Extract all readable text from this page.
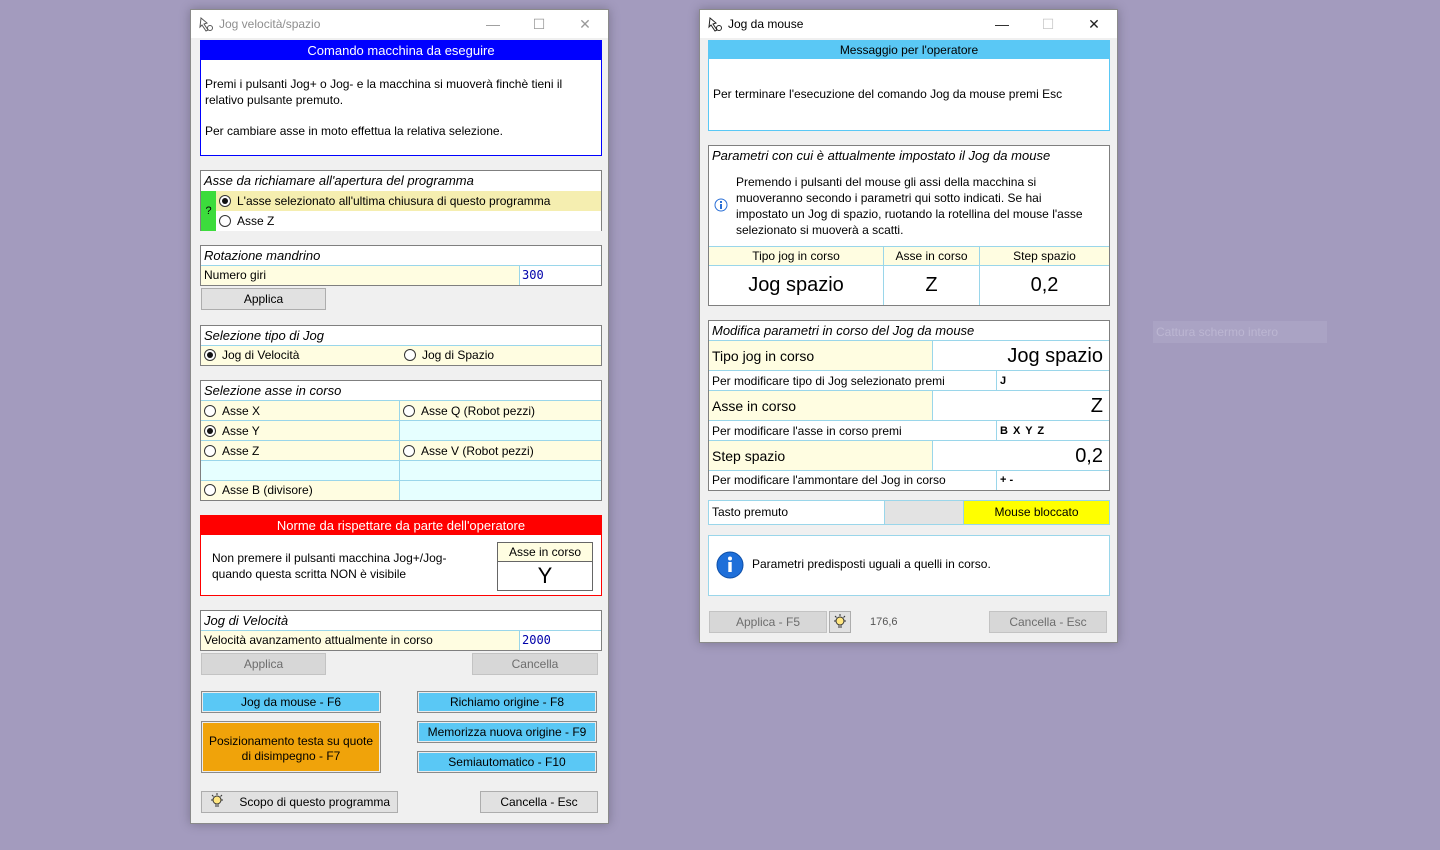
Cattura schermo intero
Jog velocità/spazio	—	☐	✕
Comando macchina da eseguire
Premi i pulsanti Jog+ o Jog- e la macchina si muoverà finchè tieni il relativo pulsante premuto.
Per cambiare asse in moto effettua la relativa selezione.
Asse da richiamare all'apertura del programma
?
L'asse selezionato all'ultima chiusura di questo programma
Asse Z
Rotazione mandrino
Numero giri	300
Applica
Selezione tipo di Jog
Jog di Velocità	Jog di Spazio
Selezione asse in corso
Asse X	Asse Q (Robot pezzi)
Asse Y
Asse Z	Asse V (Robot pezzi)
Asse B (divisore)
Norme da rispettare da parte dell'operatore
Non premere il pulsanti macchina Jog+/Jog- quando questa scritta NON è visibile
Asse in corso
Y
Jog di Velocità
Velocità avanzamento attualmente in corso	2000
Applica	Cancella
Jog da mouse - F6
Posizionamento testa su quote di disimpegno - F7
Richiamo origine - F8
Memorizza nuova origine - F9
Semiautomatico - F10
Scopo di questo programma	Cancella - Esc
Jog da mouse	—	☐	✕
Messaggio per l'operatore
Per terminare l'esecuzione del comando Jog da mouse premi Esc
Parametri con cui è attualmente impostato il Jog da mouse
Premendo i pulsanti del mouse gli assi della macchina si muoveranno secondo i parametri qui sotto indicati. Se hai impostato un Jog di spazio, ruotando la rotellina del mouse l'asse selezionato si muoverà a scatti.
Tipo jog in corso	Asse in corso	Step spazio
Jog spazio	Z	0,2
Modifica parametri in corso del Jog da mouse
Tipo jog in corso	Jog spazio
Per modificare tipo di Jog selezionato premi	J
Asse in corso	Z
Per modificare l'asse in corso premi	B X Y Z
Step spazio	0,2
Per modificare l'ammontare del Jog in corso	+ -
Tasto premuto	Mouse bloccato
Parametri predisposti uguali a quelli in corso.
Applica - F5	176,6	Cancella - Esc
